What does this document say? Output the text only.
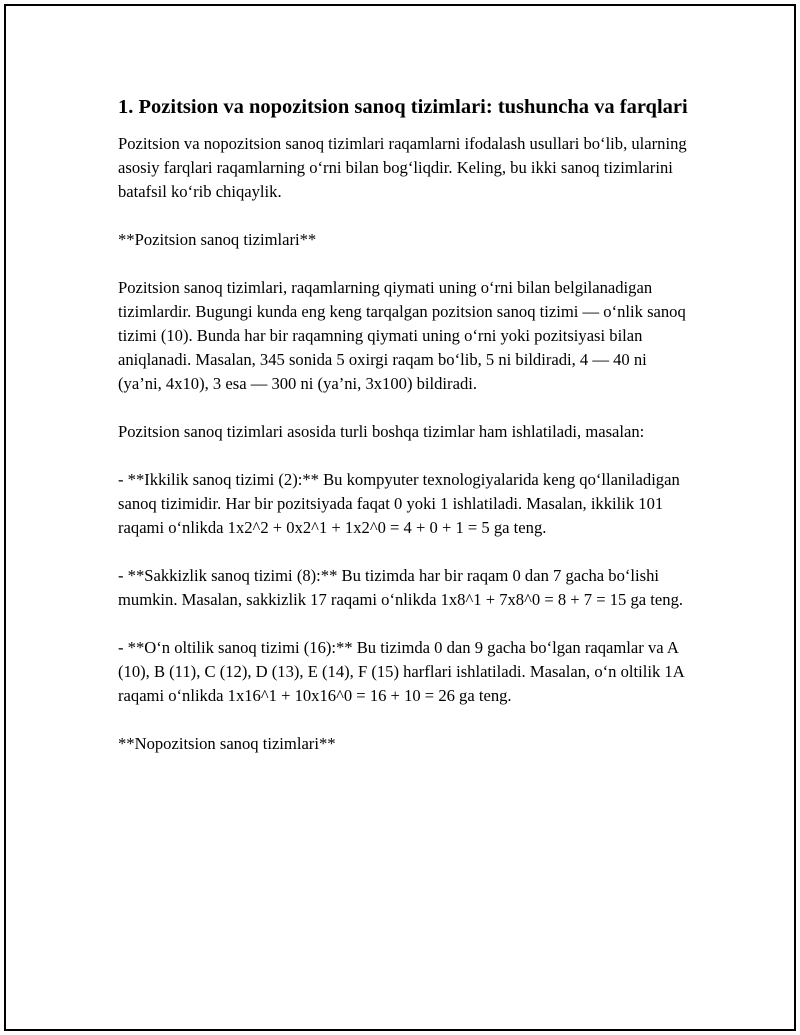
1. Pozitsion va nopozitsion sanoq tizimlari: tushuncha va farqlari

Pozitsion va nopozitsion sanoq tizimlari raqamlarni ifodalash usullari bo‘lib, ularning asosiy farqlari raqamlarning o‘rni bilan bog‘liqdir. Keling, bu ikki sanoq tizimlarini batafsil ko‘rib chiqaylik.

**Pozitsion sanoq tizimlari**

Pozitsion sanoq tizimlari, raqamlarning qiymati uning o‘rni bilan belgilanadigan tizimlardir. Bugungi kunda eng keng tarqalgan pozitsion sanoq tizimi — o‘nlik sanoq tizimi (10). Bunda har bir raqamning qiymati uning o‘rni yoki pozitsiyasi bilan aniqlanadi. Masalan, 345 sonida 5 oxirgi raqam bo‘lib, 5 ni bildiradi, 4 — 40 ni (ya’ni, 4x10), 3 esa — 300 ni (ya’ni, 3x100) bildiradi.

Pozitsion sanoq tizimlari asosida turli boshqa tizimlar ham ishlatiladi, masalan:

- **Ikkilik sanoq tizimi (2):** Bu kompyuter texnologiyalarida keng qo‘llaniladigan sanoq tizimidir. Har bir pozitsiyada faqat 0 yoki 1 ishlatiladi. Masalan, ikkilik 101 raqami o‘nlikda 1x2^2 + 0x2^1 + 1x2^0 = 4 + 0 + 1 = 5 ga teng.

- **Sakkizlik sanoq tizimi (8):** Bu tizimda har bir raqam 0 dan 7 gacha bo‘lishi mumkin. Masalan, sakkizlik 17 raqami o‘nlikda 1x8^1 + 7x8^0 = 8 + 7 = 15 ga teng.

- **O‘n oltilik sanoq tizimi (16):** Bu tizimda 0 dan 9 gacha bo‘lgan raqamlar va A (10), B (11), C (12), D (13), E (14), F (15) harflari ishlatiladi. Masalan, o‘n oltilik 1A raqami o‘nlikda 1x16^1 + 10x16^0 = 16 + 10 = 26 ga teng.

**Nopozitsion sanoq tizimlari**
